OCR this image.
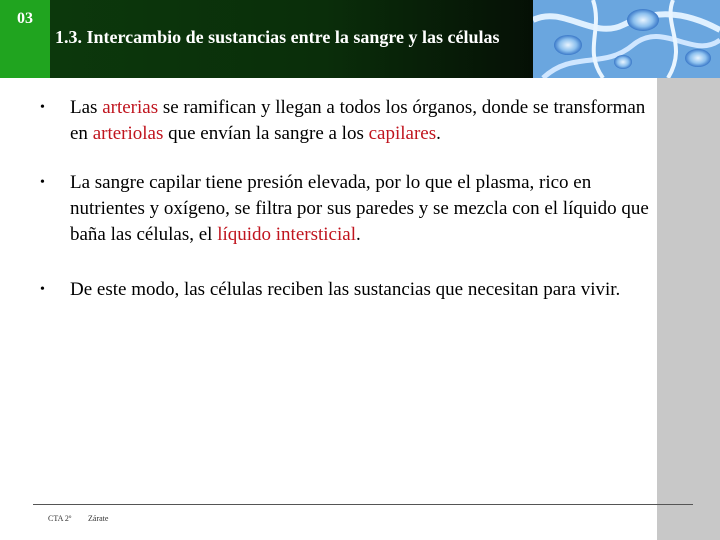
03
1.3. Intercambio de sustancias entre la sangre y las células
• Las arterias se ramifican y llegan a todos los órganos, donde se transforman en arteriolas que envían la sangre a los capilares.
• La sangre capilar tiene presión elevada, por lo que el plasma, rico en nutrientes y oxígeno, se filtra por sus paredes y se mezcla con el líquido que baña las células, el líquido intersticial.
• De este modo, las células reciben las sustancias que necesitan para vivir.
CTA 2º Zárate
